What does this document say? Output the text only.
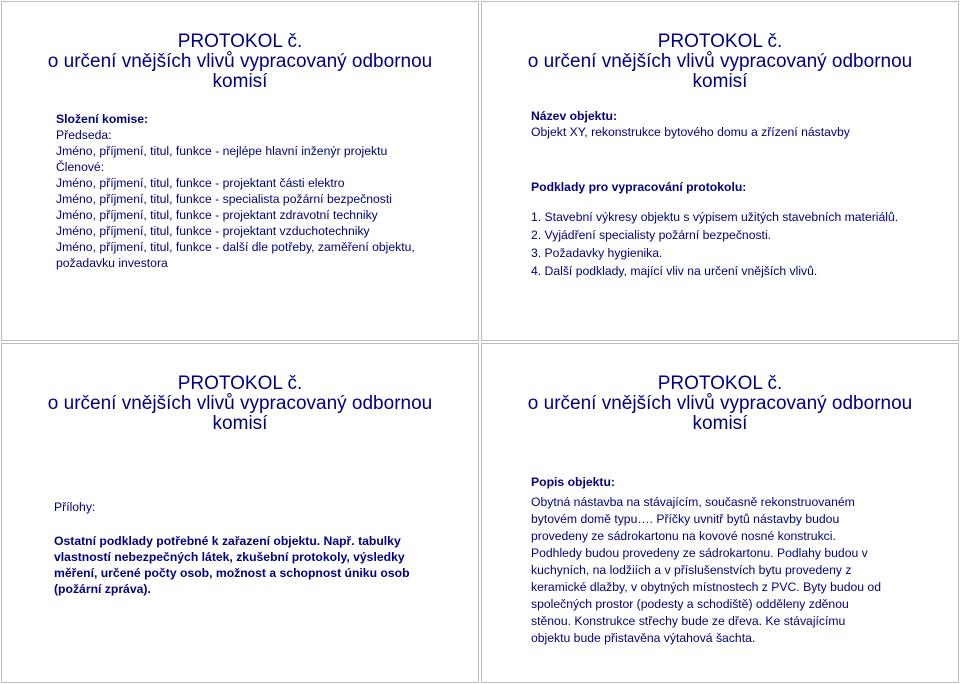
PROTOKOL č.
o určení vnějších vlivů vypracovaný odbornou
komisí
Složení komise:
Předseda:
Jméno, příjmení, titul, funkce - nejlépe hlavní inženýr projektu
Členové:
Jméno, příjmení, titul, funkce - projektant části elektro
Jméno, příjmení, titul, funkce - specialista požární bezpečnosti
Jméno, příjmení, titul, funkce - projektant zdravotní techniky
Jméno, příjmení, titul, funkce - projektant vzduchotechniky
Jméno, příjmení, titul, funkce - další dle potřeby, zaměření objektu, požadavku investora
PROTOKOL č.
o určení vnějších vlivů vypracovaný odbornou
komisí
Název objektu:
Objekt XY, rekonstrukce bytového domu a zřízení nástavby
Podklady pro vypracování protokolu:
1. Stavební výkresy objektu s výpisem užitých stavebních materiálů.
2. Vyjádření specialisty požární bezpečnosti.
3. Požadavky hygienika.
4. Další podklady, mající vliv na určení vnějších vlivů.
PROTOKOL č.
o určení vnějších vlivů vypracovaný odbornou
komisí
Přílohy:
Ostatní podklady potřebné k zařazení objektu. Např. tabulky vlastností nebezpečných látek, zkušební protokoly, výsledky měření, určené počty osob, možnost a schopnost úniku osob (požární zpráva).
PROTOKOL č.
o určení vnějších vlivů vypracovaný odbornou
komisí
Popis objektu:
Obytná nástavba na stávajícím, současně rekonstruovaném bytovém domě typu…. Příčky uvnitř bytů nástavby budou provedeny ze sádrokartonu na kovové nosné konstrukci. Podhledy budou provedeny ze sádrokartonu. Podlahy budou v kuchyních, na lodžiích a v příslušenstvích bytu provedeny z keramické dlažby, v obytných místnostech z PVC. Byty budou od společných prostor (podesty a schodiště) odděleny zděnou stěnou. Konstrukce střechy bude ze dřeva. Ke stávajícímu objektu bude přistavěna výtahová šachta.
